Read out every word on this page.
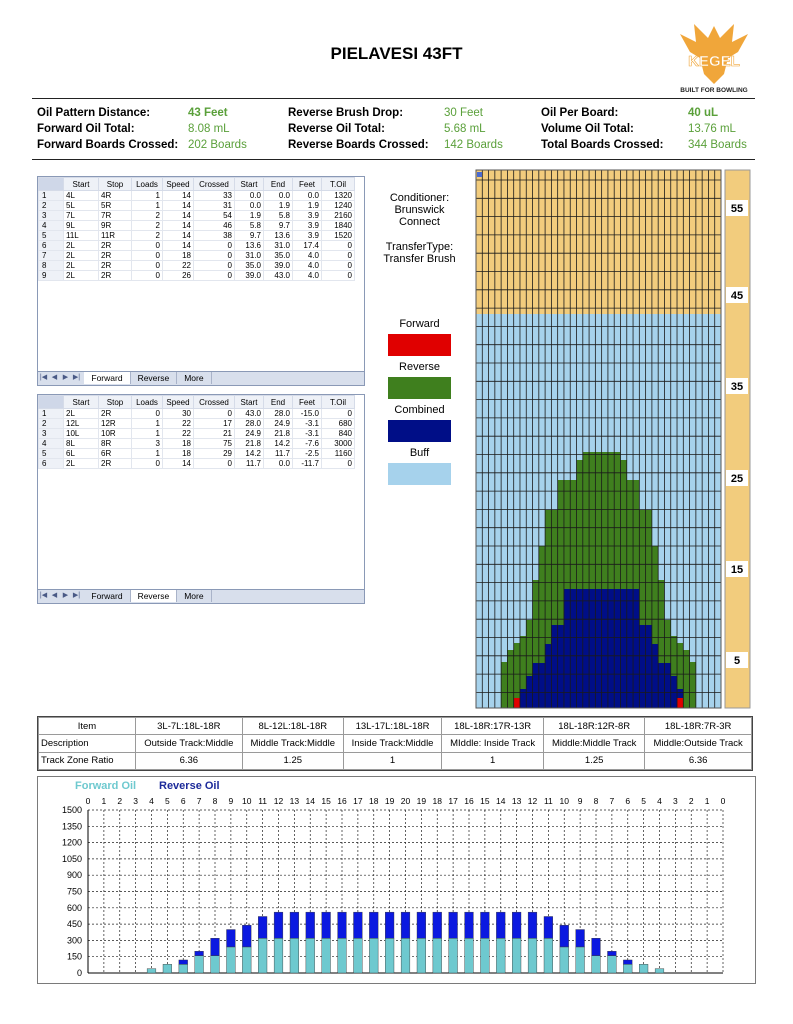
PIELAVESI 43FT	KEGEL
BUILT FOR BOWLING
Oil Pattern Distance:	43 Feet
Forward Oil Total:	8.08 mL
Forward Boards Crossed: 202 Boards
Reverse Brush Drop:	30 Feet
Reverse Oil Total:	5.68 mL
Reverse Boards Crossed: 142 Boards
Oil Per Board:	40 uL
Volume Oil Total:	13.76 mL
Total Boards Crossed: 344 Boards
	Start	Stop	Loads	Speed	Crossed	Start	End	Feet	T.Oil
1	4L	4R	1	14	33	0.0	0.0	0.0	1320
2	5L	5R	1	14	31	0.0	1.9	1.9	1240
3	7L	7R	2	14	54	1.9	5.8	3.9	2160
4	9L	9R	2	14	46	5.8	9.7	3.9	1840
5	11L	11R	2	14	38	9.7	13.6	3.9	1520
6	2L	2R	0	14	0	13.6	31.0	17.4	0
7	2L	2R	0	18	0	31.0	35.0	4.0	0
8	2L	2R	0	22	0	35.0	39.0	4.0	0
9	2L	2R	0	26	0	39.0	43.0	4.0	0
|◀ ◀ ▶ ▶| Forward Reverse More
	Start	Stop	Loads	Speed	Crossed	Start	End	Feet	T.Oil
1	2L	2R	0	30	0	43.0	28.0	-15.0	0
2	12L	12R	1	22	17	28.0	24.9	-3.1	680
3	10L	10R	1	22	21	24.9	21.8	-3.1	840
4	8L	8R	3	18	75	21.8	14.2	-7.6	3000
5	6L	6R	1	18	29	14.2	11.7	-2.5	1160
6	2L	2R	0	14	0	11.7	0.0	-11.7	0
|◀ ◀ ▶ ▶| Forward Reverse More
Conditioner:
Brunswick
Connect
TransferType:
Transfer Brush
Forward
Reverse
Combined
Buff
55
45
35
25
15
5
Item	3L-7L:18L-18R	8L-12L:18L-18R	13L-17L:18L-18R	18L-18R:17R-13R	18L-18R:12R-8R	18L-18R:7R-3R
Description	Outside Track:Middle	Middle Track:Middle	Inside Track:Middle	MIddle: Inside Track	Middle:Middle Track	Middle:Outside Track
Track Zone Ratio	6.36	1.25	1	1	1.25	6.36
Forward Oil Reverse Oil
0
150
300
450
600
750
900
1050
1200
1350
1500
0 1 2 3 4 5 6 7 8 9 10 11 12 13 14 15 16 17 18 19 20 19 18 17 16 15 14 13 12 11 10 9 8 7 6 5 4 3 2 1 0
